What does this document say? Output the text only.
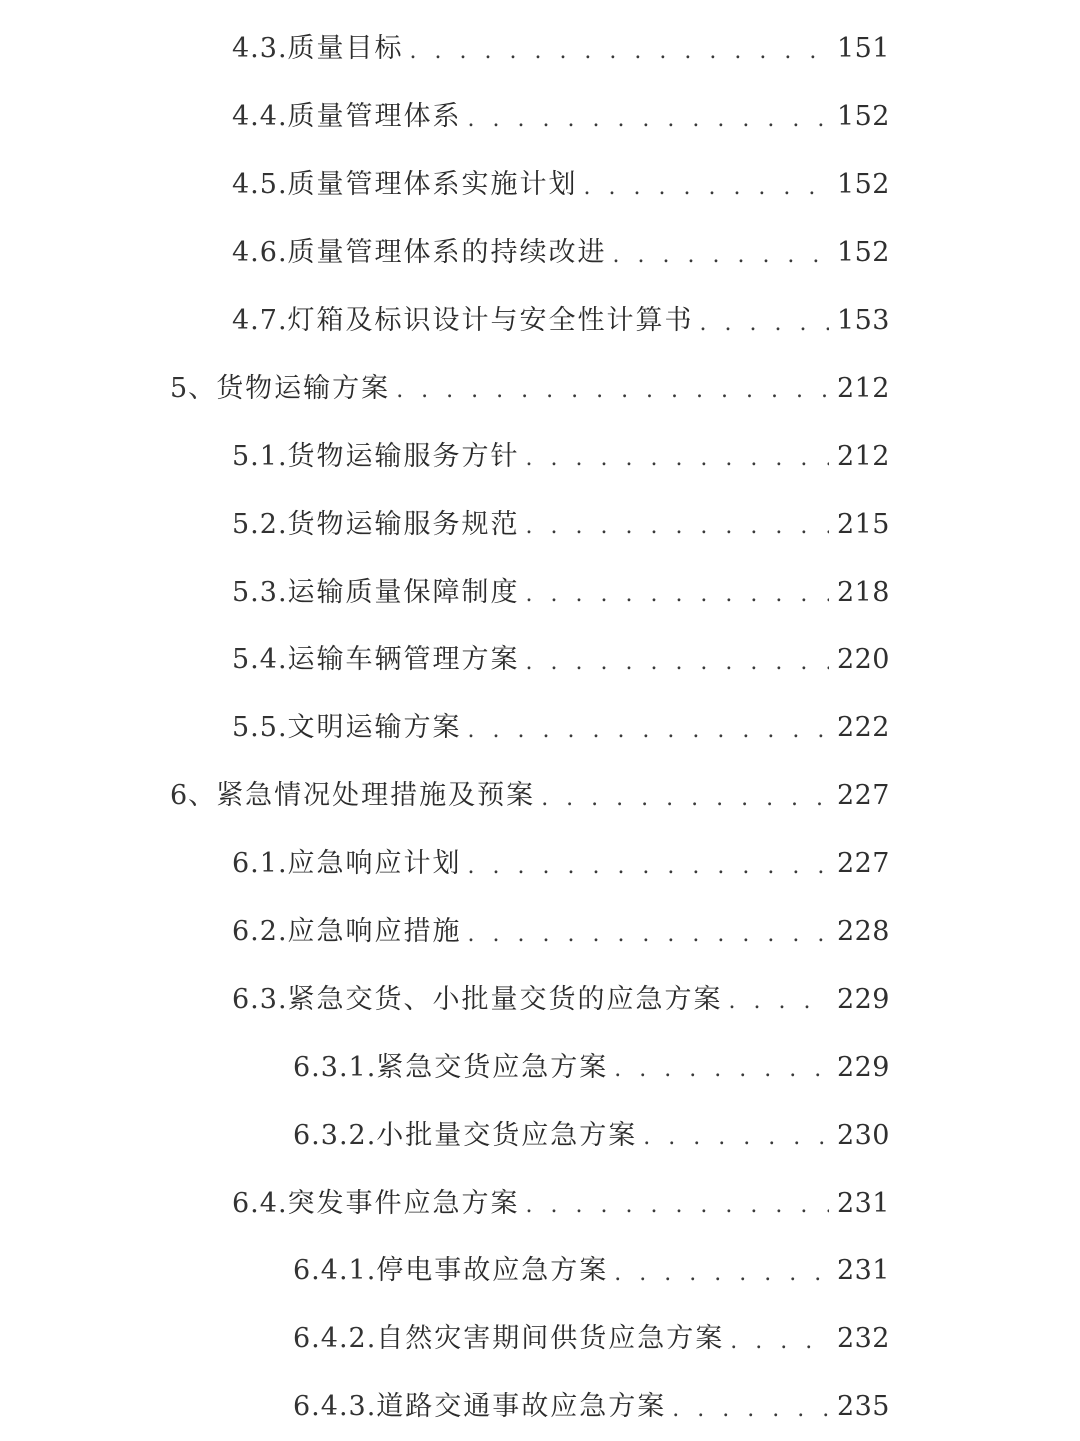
4.3. 质量目标 . . .	151
4.4. 质量管理体系 . . .	152
4.5. 质量管理体系实施计划 . . .	152
4.6. 质量管理体系的持续改进 . . .	152
4.7. 灯箱及标识设计与安全性计算书 . . .	153
5、 货物运输方案 . . .	212
5.1. 货物运输服务方针 . . .	212
5.2. 货物运输服务规范 . . .	215
5.3. 运输质量保障制度 . . .	218
5.4. 运输车辆管理方案 . . .	220
5.5. 文明运输方案 . . .	222
6、 紧急情况处理措施及预案 . . .	227
6.1. 应急响应计划 . . .	227
6.2. 应急响应措施 . . .	228
6.3. 紧急交货、小批量交货的应急方案 . . .	229
6.3.1. 紧急交货应急方案 . . .	229
6.3.2. 小批量交货应急方案 . . .	230
6.4. 突发事件应急方案 . . .	231
6.4.1. 停电事故应急方案 . . .	231
6.4.2. 自然灾害期间供货应急方案 . . .	232
6.4.3. 道路交通事故应急方案 . . .	235
